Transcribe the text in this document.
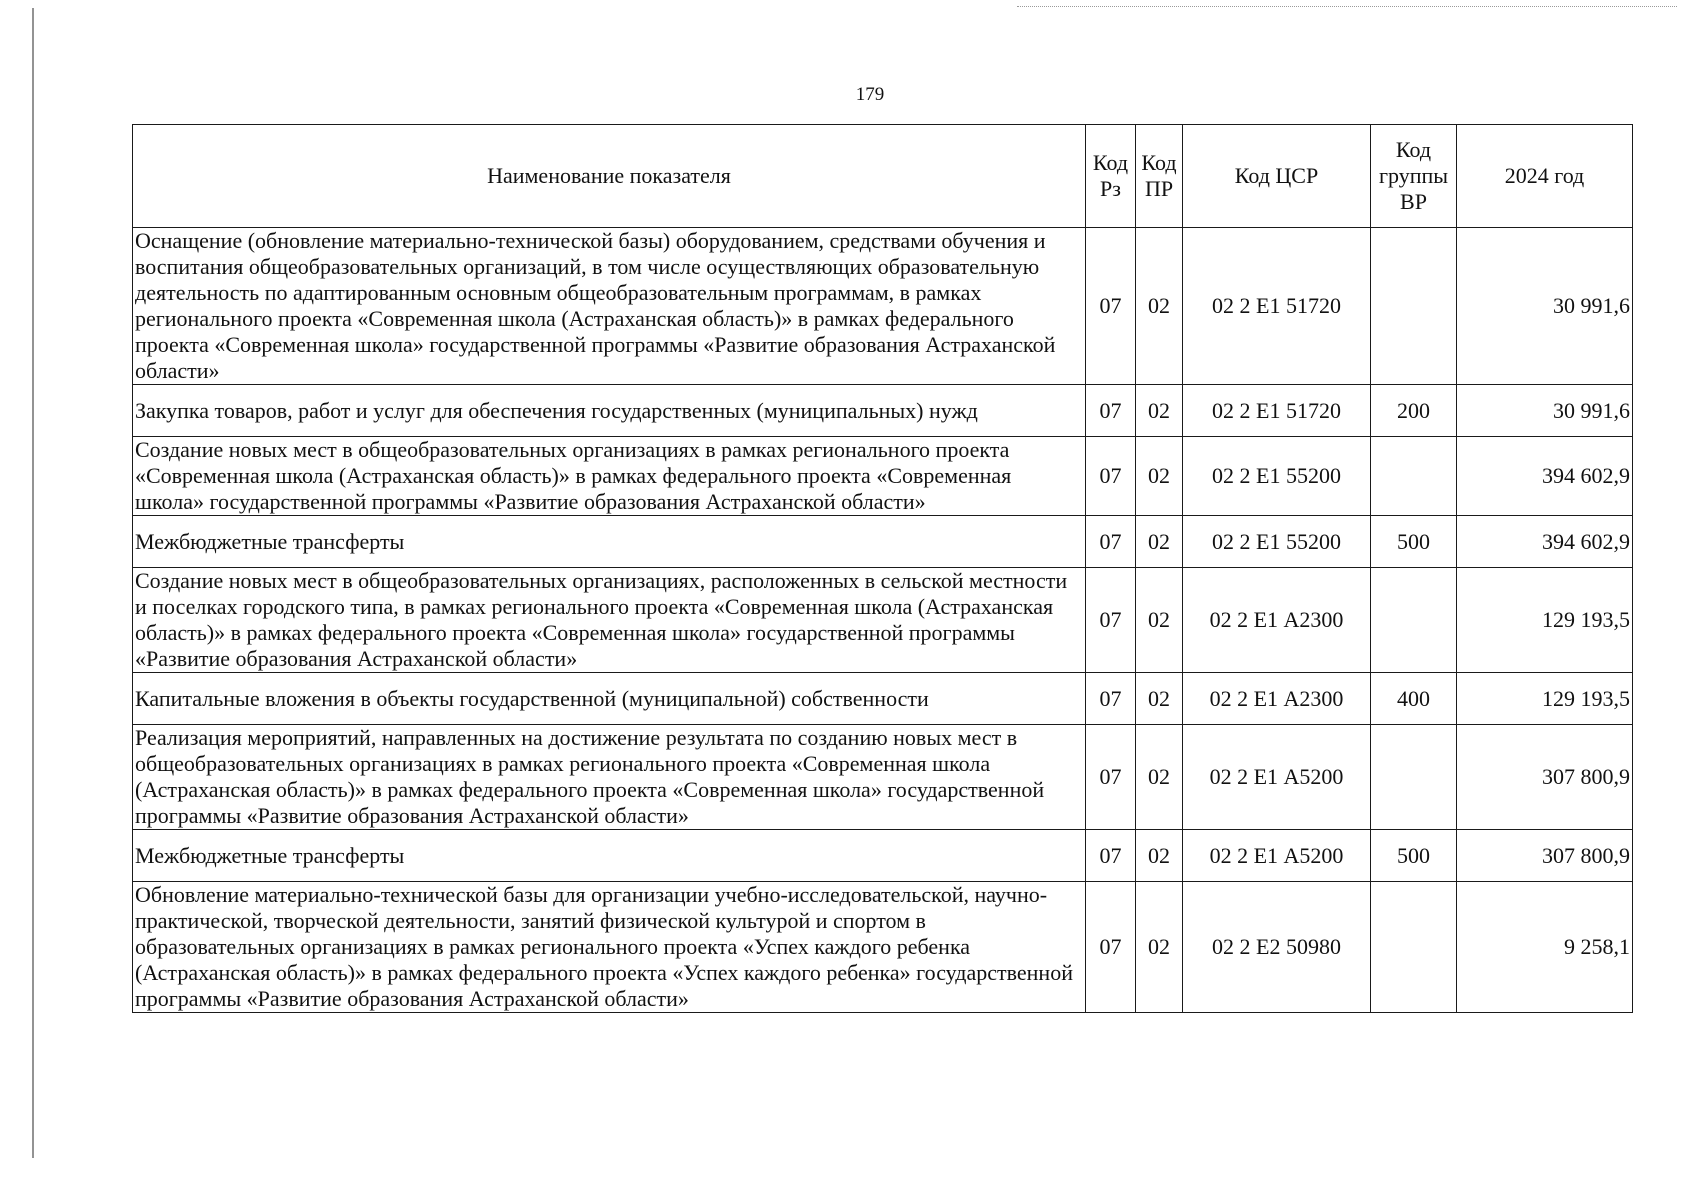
179
Наименование показателя	Код Рз	Код ПР	Код ЦСР	Код группы ВР	2024 год
Оснащение (обновление материально-технической базы) оборудованием, средствами обучения и воспитания общеобразовательных организаций, в том числе осуществляющих образовательную деятельность по адаптированным основным общеобразовательным программам, в рамках регионального проекта «Современная школа (Астраханская область)» в рамках федерального проекта «Современная школа» государственной программы «Развитие образования Астраханской области»	07	02	02 2 Е1 51720		30 991,6
Закупка товаров, работ и услуг для обеспечения государственных (муниципальных) нужд	07	02	02 2 Е1 51720	200	30 991,6
Создание новых мест в общеобразовательных организациях в рамках регионального проекта «Современная школа (Астраханская область)» в рамках федерального проекта «Современная школа» государственной программы «Развитие образования Астраханской области»	07	02	02 2 Е1 55200		394 602,9
Межбюджетные трансферты	07	02	02 2 Е1 55200	500	394 602,9
Создание новых мест в общеобразовательных организациях, расположенных в сельской местности и поселках городского типа, в рамках регионального проекта «Современная школа (Астраханская область)» в рамках федерального проекта «Современная школа» государственной программы «Развитие образования Астраханской области»	07	02	02 2 Е1 А2300		129 193,5
Капитальные вложения в объекты государственной (муниципальной) собственности	07	02	02 2 Е1 А2300	400	129 193,5
Реализация мероприятий, направленных на достижение результата по созданию новых мест в общеобразовательных организациях в рамках регионального проекта «Современная школа (Астраханская область)» в рамках федерального проекта «Современная школа» государственной программы «Развитие образования Астраханской области»	07	02	02 2 Е1 А5200		307 800,9
Межбюджетные трансферты	07	02	02 2 Е1 А5200	500	307 800,9
Обновление материально-технической базы для организации учебно-исследовательской, научно-практической, творческой деятельности, занятий физической культурой и спортом в образовательных организациях в рамках регионального проекта «Успех каждого ребенка (Астраханская область)» в рамках федерального проекта «Успех каждого ребенка» государственной программы «Развитие образования Астраханской области»	07	02	02 2 Е2 50980		9 258,1
